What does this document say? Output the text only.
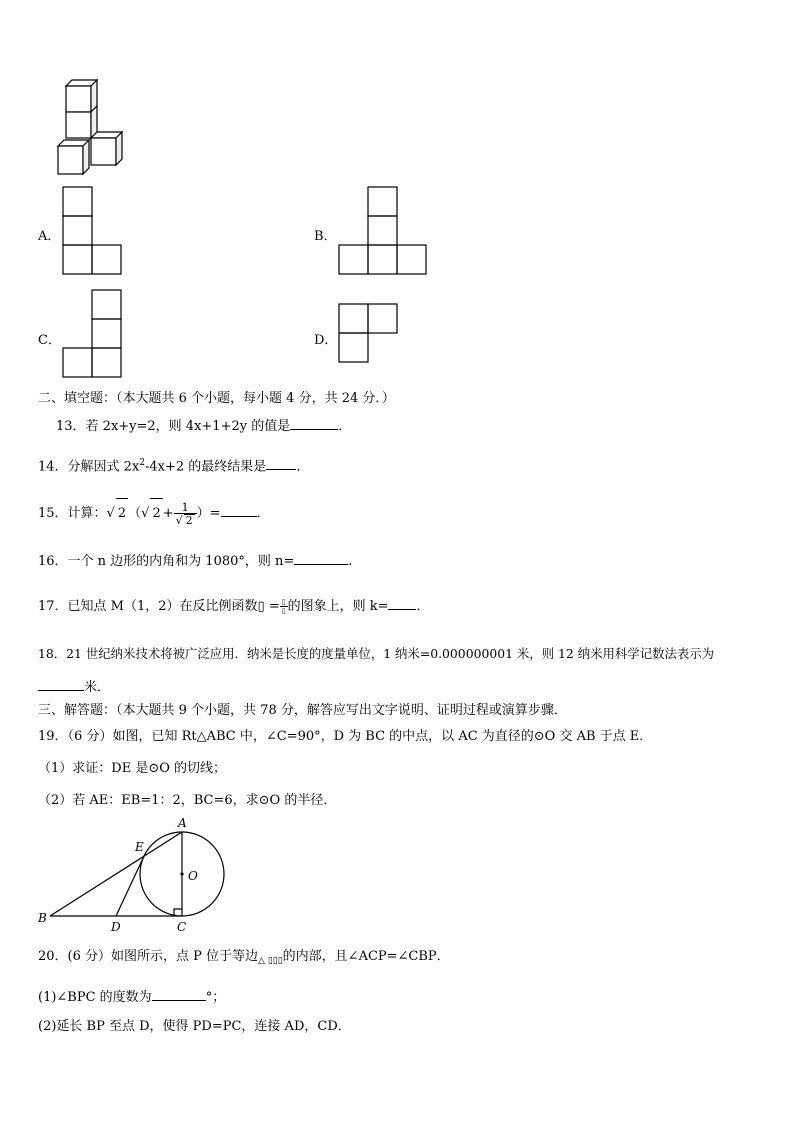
A．	B．
C．	D．
二、填空题：（本大题共 6 个小题，每小题 4 分，共 24 分．）
13．若 2x+y=2，则 4x+1+2y 的值是	．
14．分解因式 $2x^2-4x+2$ 的最终结果是 ．
15．计算：√ 2 （√ $2 + \frac{1}{√ 2}$ ）=	．
16．一个 n 边形的内角和为 1080°，则 n=	.
17．已知点 M（1，2）在反比例函数▯ = $\frac{▯}{▯}$ 的图象上，则 k= ．
18．21 世纪纳米技术将被广泛应用．纳米是长度的度量单位，1 纳米=0.000000001 米，则 12 纳米用科学记数法表示为
米．
三、解答题：（本大题共 9 个小题，共 78 分，解答应写出文字说明、证明过程或演算步骤．
19．（6 分）如图，已知 Rt△ABC 中，∠C=90°，D 为 BC 的中点，以 AC 为直径的⊙O 交 AB 于点 E．
（1）求证：DE 是⊙O 的切线；
（2）若 AE：EB=1：2，BC=6，求⊙O 的半径．
A
E
O
B
D	C
20．(6 分）如图所示，点 P 位于等边$_{\triangle ▯▯▯}$的内部，且∠ACP=∠CBP．
(1)∠BPC 的度数为	°；
(2)延长 BP 至点 D，使得 PD=PC，连接 AD，CD．
